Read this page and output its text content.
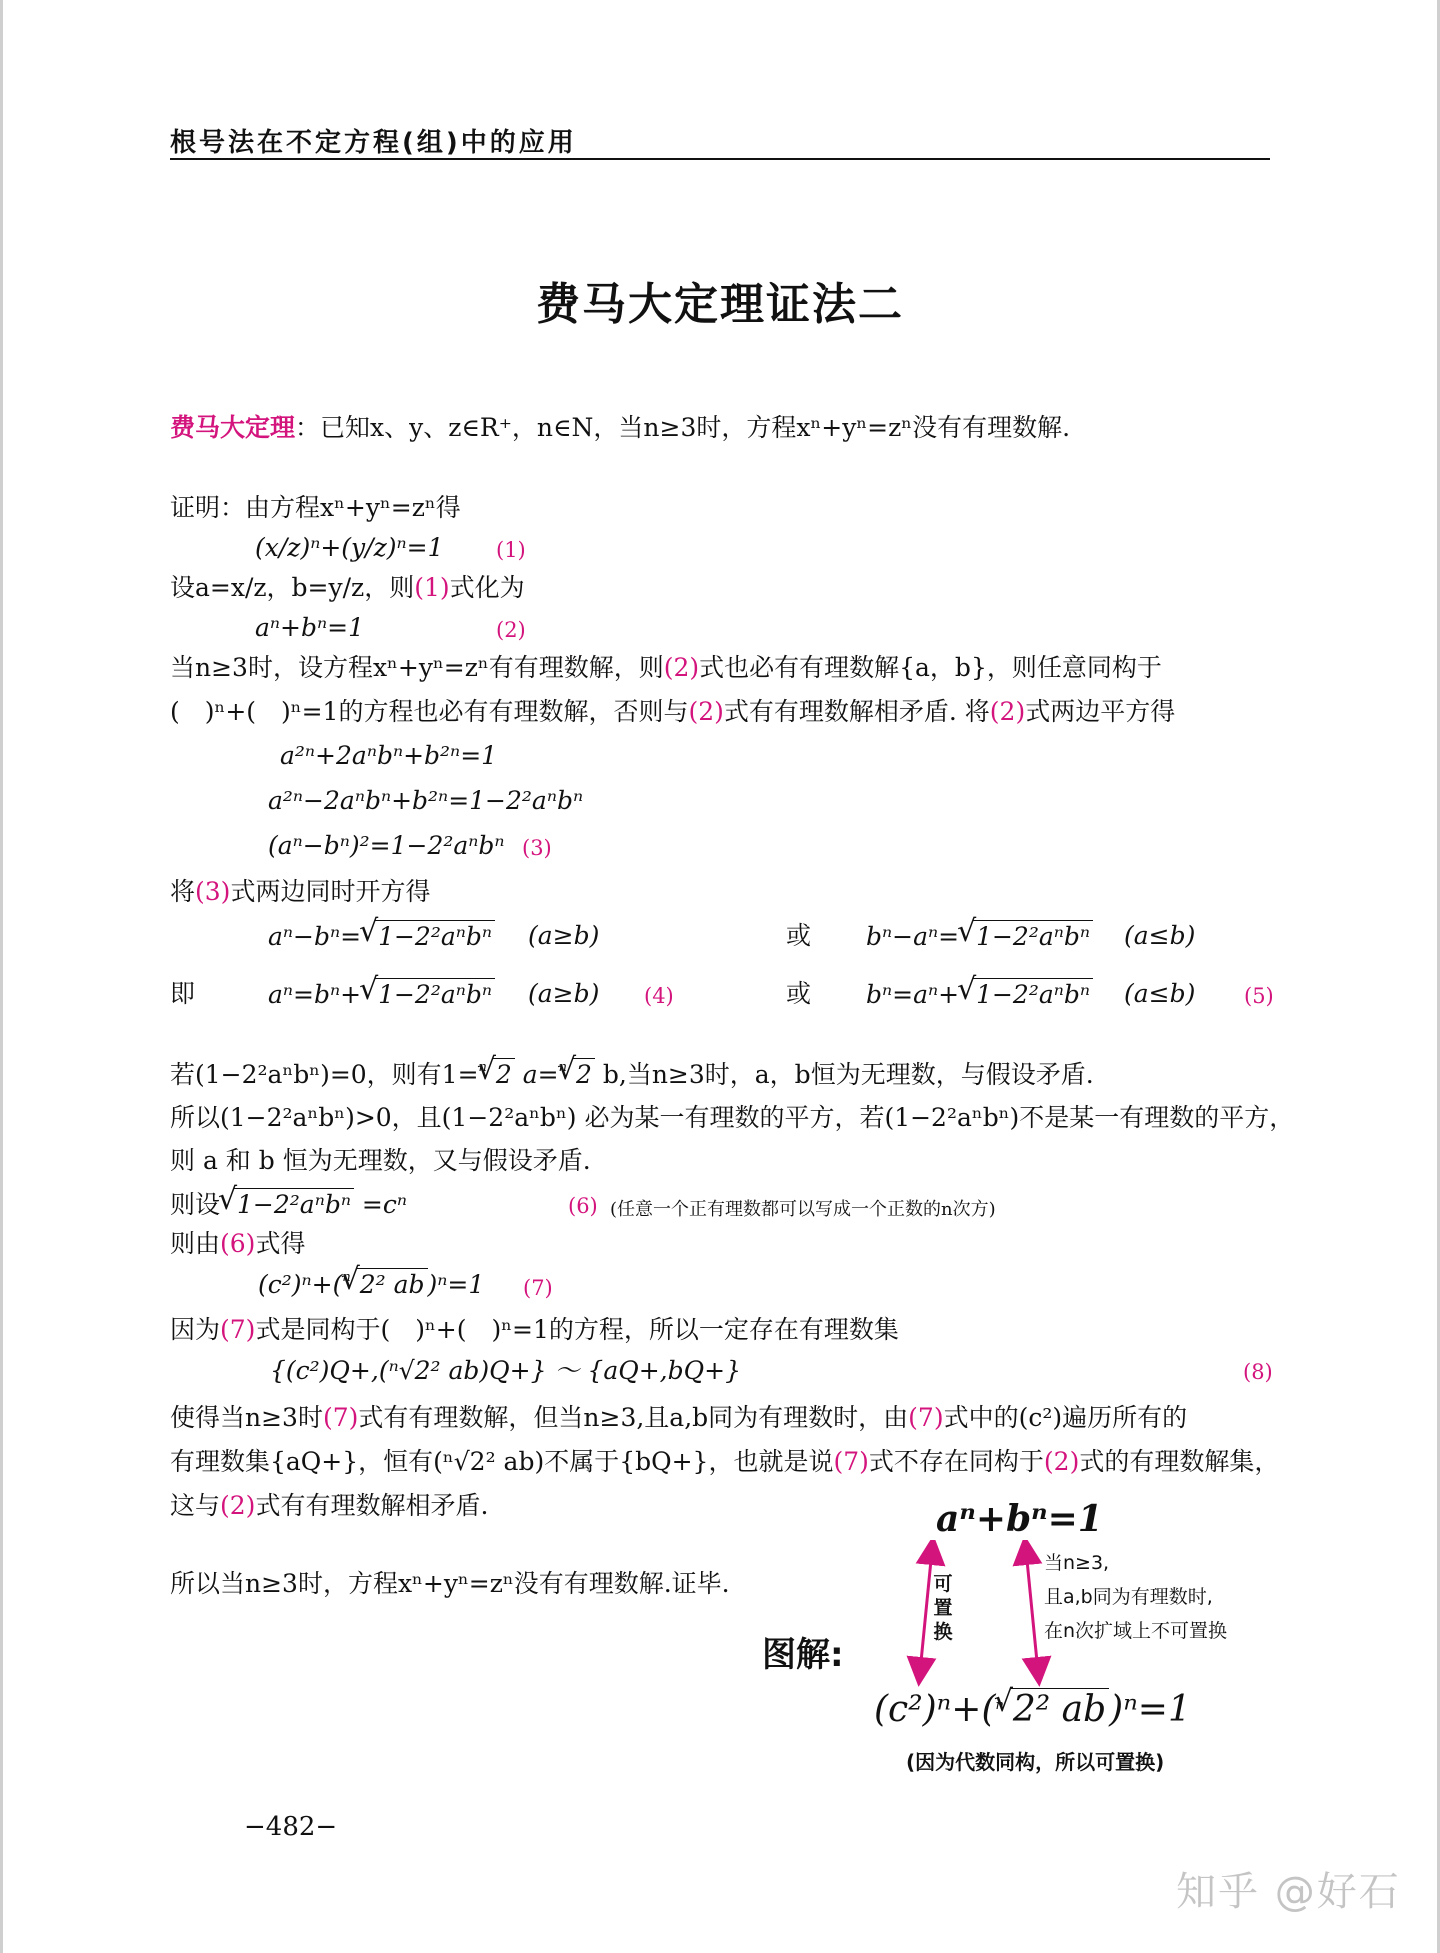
根号法在不定方程(组)中的应用
费马大定理证法二
费马大定理：已知x、y、z∈R⁺，n∈N，当n≥3时，方程xⁿ+yⁿ=zⁿ没有有理数解.
证明：由方程xⁿ+yⁿ=zⁿ得
(x/z)ⁿ+(y/z)ⁿ=1	(1)
设a=x/z，b=y/z，则(1)式化为
aⁿ+bⁿ=1	(2)
当n≥3时，设方程xⁿ+yⁿ=zⁿ有有理数解，则(2)式也必有有理数解{a，b}，则任意同构于
(　)ⁿ+(　)ⁿ=1的方程也必有有理数解，否则与(2)式有有理数解相矛盾. 将(2)式两边平方得
a²ⁿ+2aⁿbⁿ+b²ⁿ=1
a²ⁿ−2aⁿbⁿ+b²ⁿ=1−2²aⁿbⁿ
(aⁿ−bⁿ)²=1−2²aⁿbⁿ (3)
将(3)式两边同时开方得
aⁿ−bⁿ= √ 1−2²aⁿbⁿ (a≥b)	或 bⁿ−aⁿ= √ 1−2²aⁿbⁿ (a≤b)
即	aⁿ=bⁿ+ √ 1−2²aⁿbⁿ (a≥b) (4)	或 bⁿ=aⁿ+ √ 1−2²aⁿbⁿ (a≤b) (5)
若(1−2²aⁿbⁿ)=0，则有1=$^n$ √ 2 a=$^n$ √ 2 b,当n≥3时，a，b恒为无理数，与假设矛盾.
所以(1−2²aⁿbⁿ)>0，且(1−2²aⁿbⁿ) 必为某一有理数的平方，若(1−2²aⁿbⁿ)不是某一有理数的平方，
则 a 和 b 恒为无理数，又与假设矛盾.
则设 √ 1−2²aⁿbⁿ =cⁿ	(6) (任意一个正有理数都可以写成一个正数的n次方)
则由(6)式得
(c²)ⁿ+($^n$ √ 2² ab )ⁿ=1 (7)
因为(7)式是同构于(　)ⁿ+(　)ⁿ=1的方程，所以一定存在有理数集
{(c²)Q+,(ⁿ√2² ab)Q+} ～ {aQ+,bQ+}	(8)
使得当n≥3时(7)式有有理数解，但当n≥3,且a,b同为有理数时，由(7)式中的(c²)遍历所有的
有理数集{aQ+}，恒有(ⁿ√2² ab)不属于{bQ+}，也就是说(7)式不存在同构于(2)式的有理数解集，
这与(2)式有有理数解相矛盾.
所以当n≥3时，方程xⁿ+yⁿ=zⁿ没有有理数解.证毕.
aⁿ+bⁿ=1
图解:
可置换
当n≥3,
且a,b同为有理数时,
在n次扩域上不可置换
(c²)ⁿ+($^n$ √ 2² ab)ⁿ=1
(因为代数同构，所以可置换)
−482−
知乎 @好石
